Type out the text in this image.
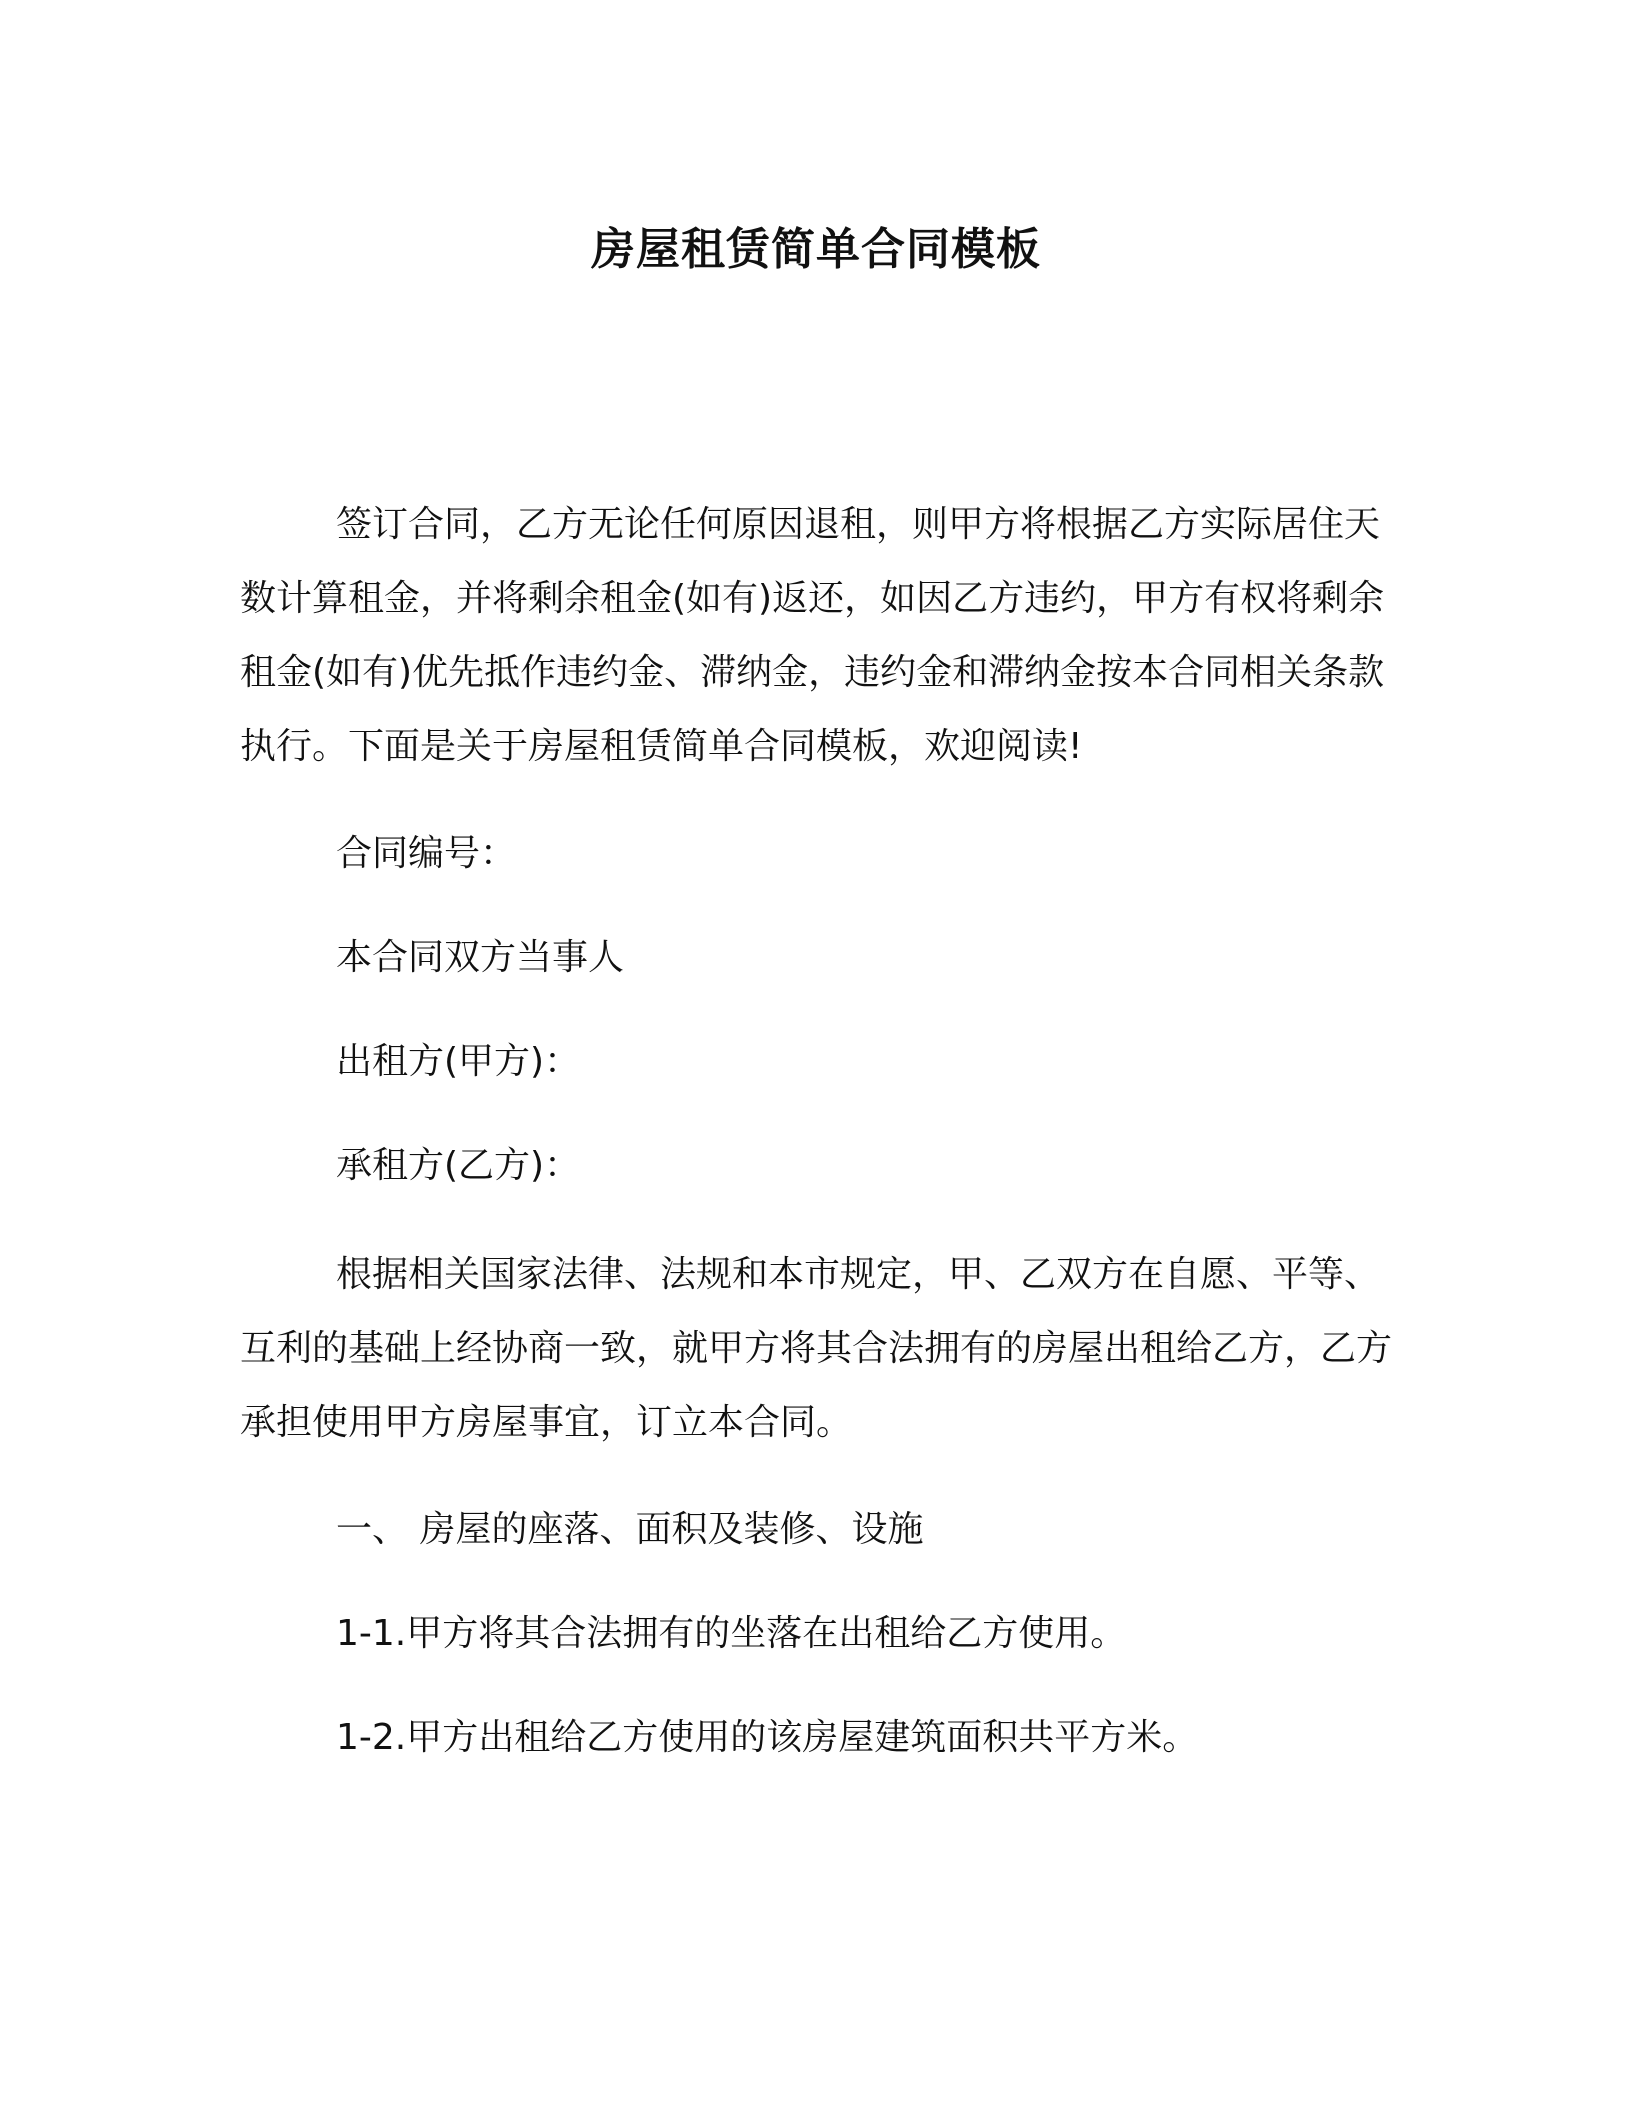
房屋租赁简单合同模板

签订合同，乙方无论任何原因退租，则甲方将根据乙方实际居住天数计算租金，并将剩余租金(如有)返还，如因乙方违约，甲方有权将剩余租金(如有)优先抵作违约金、滞纳金，违约金和滞纳金按本合同相关条款执行。下面是关于房屋租赁简单合同模板，欢迎阅读!

合同编号：

本合同双方当事人

出租方(甲方)：

承租方(乙方)：

根据相关国家法律、法规和本市规定，甲、乙双方在自愿、平等、互利的基础上经协商一致，就甲方将其合法拥有的房屋出租给乙方，乙方承担使用甲方房屋事宜，订立本合同。

一、 房屋的座落、面积及装修、设施

1-1.甲方将其合法拥有的坐落在出租给乙方使用。

1-2.甲方出租给乙方使用的该房屋建筑面积共平方米。
